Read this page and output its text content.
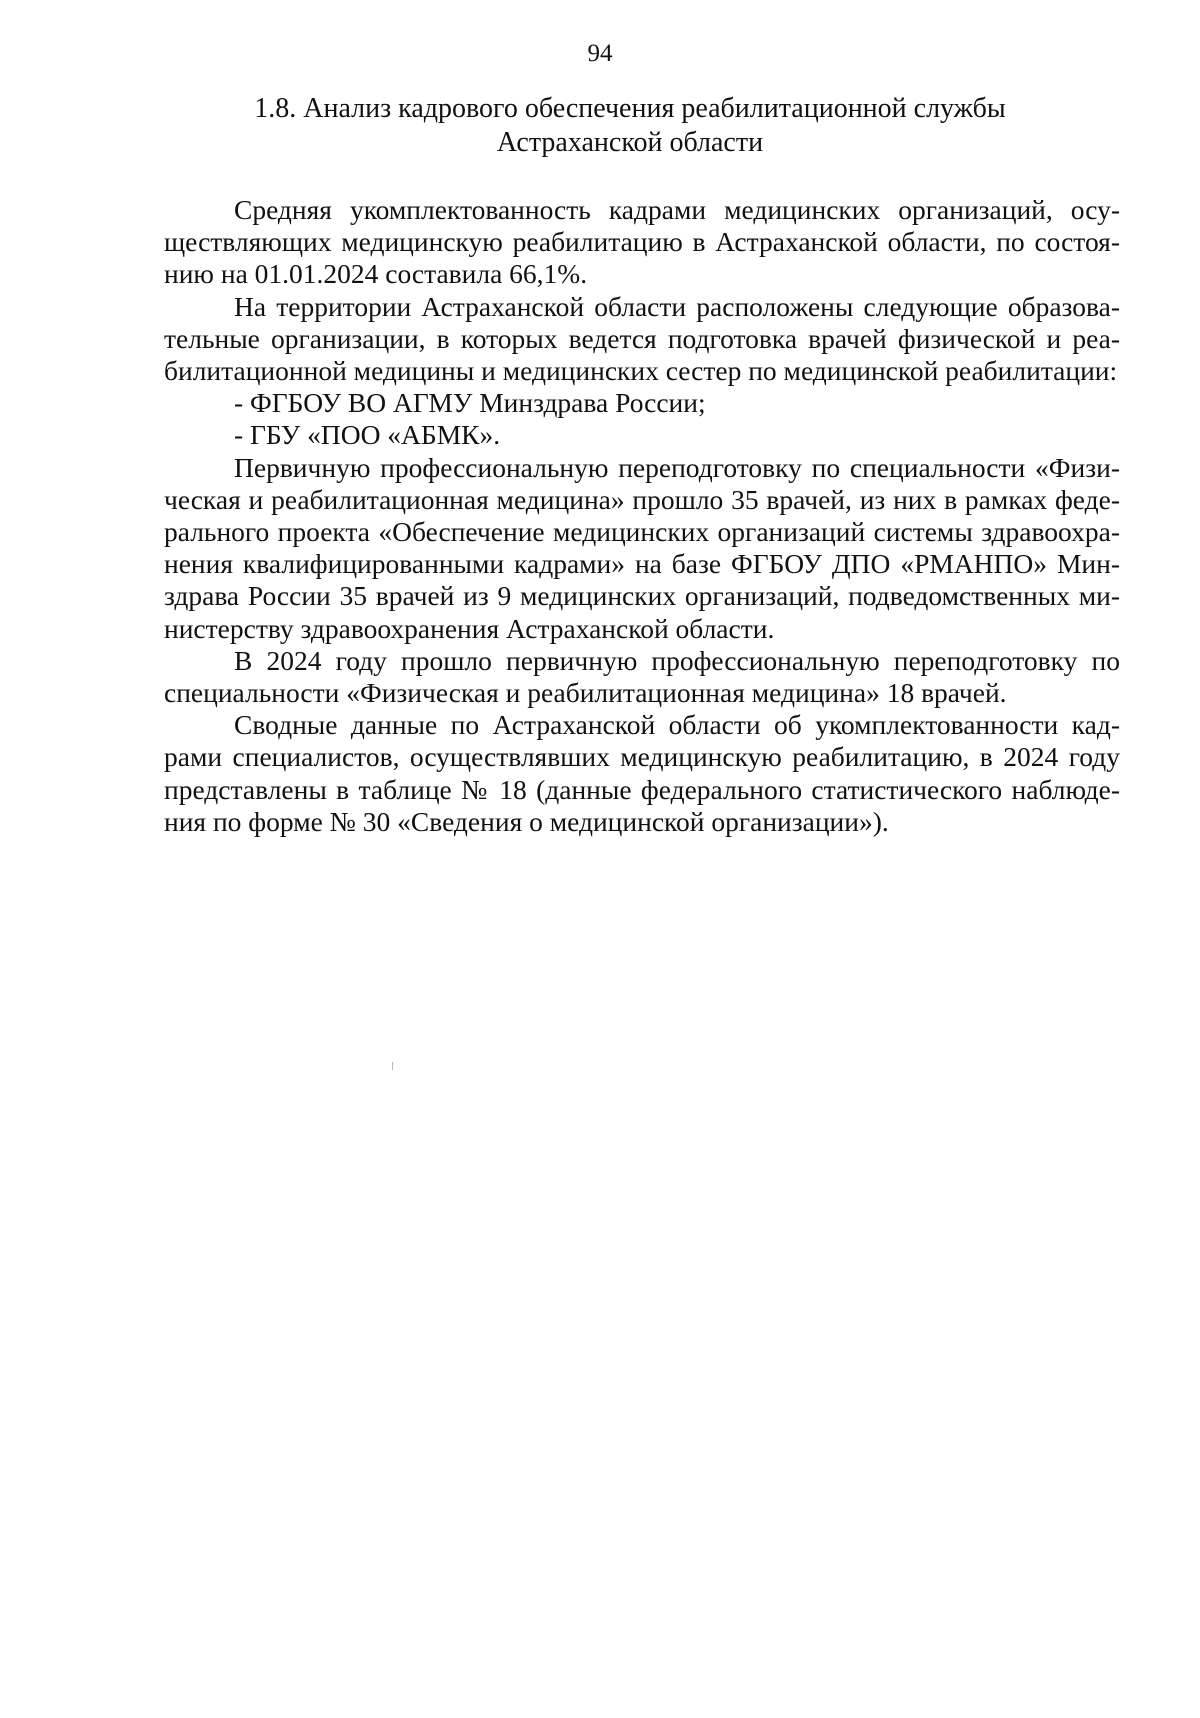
94
1.8. Анализ кадрового обеспечения реабилитационной службы
Астраханской области

Средняя укомплектованность кадрами медицинских организаций, осуществляющих медицинскую реабилитацию в Астраханской области, по состоянию на 01.01.2024 составила 66,1%.

На территории Астраханской области расположены следующие образовательные организации, в которых ведется подготовка врачей физической и реабилитационной медицины и медицинских сестер по медицинской реабилитации:

- ФГБОУ ВО АГМУ Минздрава России;

- ГБУ «ПОО «АБМК».

Первичную профессиональную переподготовку по специальности «Физическая и реабилитационная медицина» прошло 35 врачей, из них в рамках федерального проекта «Обеспечение медицинских организаций системы здравоохранения квалифицированными кадрами» на базе ФГБОУ ДПО «РМАНПО» Минздрава России 35 врачей из 9 медицинских организаций, подведомственных министерству здравоохранения Астраханской области.

В 2024 году прошло первичную профессиональную переподготовку по специальности «Физическая и реабилитационная медицина» 18 врачей.

Сводные данные по Астраханской области об укомплектованности кадрами специалистов, осуществлявших медицинскую реабилитацию, в 2024 году представлены в таблице № 18 (данные федерального статистического наблюдения по форме № 30 «Сведения о медицинской организации»).
